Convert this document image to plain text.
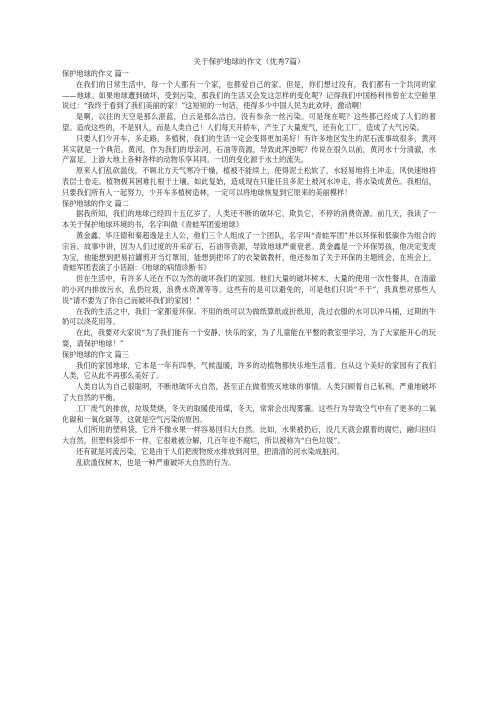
关于保护地球的作文（优秀7篇）
保护地球的作文 篇一

在我们的日常生活中，每一个人都有一个家，也都爱自己的家。但是，你们想过没有，我们都有一个共同的家——地球。如果地球遭到破坏，受到污染，那我们的生活又会发这怎样的变化呢？记得我们中国杨利伟曾在太空舱里说过：“我终于看到了我们美丽的家！”这短短的一句话，使得多少中国人民为此欢呼，激动啊！

是啊，以往的天空是那么湛蓝，白云是那么洁白，没有参杂一丝污染。可是现在呢？这些都已经成了人们的奢望。造成这些的，不是别人，而是人类自己！人们每天开轿车，产生了大量废气，还有化工厂，造成了大气污染。

只要人们少开车，多走路，多植树，我们的生活一定会变得更加美好！有许多地区发生的泥石流事故很多，黄河其实就是一个典范。黄河，作为我们的母亲河，石油等资源，导致此浑浊呢？传说在很久以前，黄河水十分清澈，水产富足，上游大地上各种各样的动物乐享其同。一切的变化源于水土的流失。

原来人们乱砍滥伐，不顾北方天气寒冷干燥，植被不能续上，使得泥土松软了，水轻易地将土冲走，风快速地将表层土卷走。植物极其困难扎根于土壤。如此复始，造成现在只能任且多泥土被河水冲走，将水染成黄色。我相信，只要我们所有人一起努力，少开车多植树造林，一定可以将地球恢复到它原来的美丽模样！

保护地球的作文 篇二

据我所知，我们的地球已经四十五亿岁了，人类还不断的破坏它、欺负它，不停的消费资源。前几天，我读了一本关于保护地球环境的书，名字叫做《青蛙军团爱地球》

黄金鑫、毕汪德和秦超逸是主人公，他们三个人组成了一个团队，名字叫“青蛙军团”并以环保和低碳作为组合的宗旨。故事中讲，因为人们过度的开采矿石，石油等资源，导致地球严重衰老。黄金鑫是一个环保男孩，他决定变废为宝，他能想到把易拉罐剪开当灯罩用，能想到把坏了的衣架做教杆，他还参加了关于环保的主题班会，在班会上，青蛙军团表演了小话剧：《地球的病情诊断书》

但在生活中，有许多人还在不以为然的破坏我们的家园。他们大量的破坏树木、大量的使用一次性餐具，在清澈的小河内排放污水，乱扔垃圾，浪费水资源等等。这些有的是可以避免的，可是他们只说“不干”，我真想对那些人说“请不要为了你自己而破坏我们的家园！”

在我的生活之中，我们一家都爱环保。不用的纸可以为做纸算纸或折纸用，洗过衣服的水可以冲马桶，过期的牛奶可以浇花用等。

在此，我要对大家说“为了我们能有一个安静、快乐的家，为了儿童能在平整的教室里学习，为了大家能开心的玩耍，请保护地球！”

保护地球的作文 篇三

我们的家园地球，它本是一年有四季，气候温暖，许多的动植物都快乐地生活着。自从这个美好的家园有了我们人类，它从此不再那么美好了。

人类自认为自己很聪明，不断地破坏大自然，甚至正在做着毁灭地球的事情。人类只顾着自己私利，严重地破坏了大自然的平衡。

工厂废气的排放，垃圾焚烧，冬天的取暖使用煤，冬天，常常会出现雾霾。这些行为导致空气中有了更多的二氧化碳和一氧化碳等，这就是空气污染的原因。

人们所用的塑料袋，它并不像水果一样容易回归大自然。比如，水果被扔后，没几天就会跟着的腐烂，融归回归大自然，但塑料袋却不一样，它很难被分解，几百年也不腐烂，所以被称为“白色垃圾”。

还有就是河流污染，它是由于人们把废物废水排放到河里，把清清的河水染成脏河。

乱砍滥伐树木，也是一种严重破坏大自然的行为。
